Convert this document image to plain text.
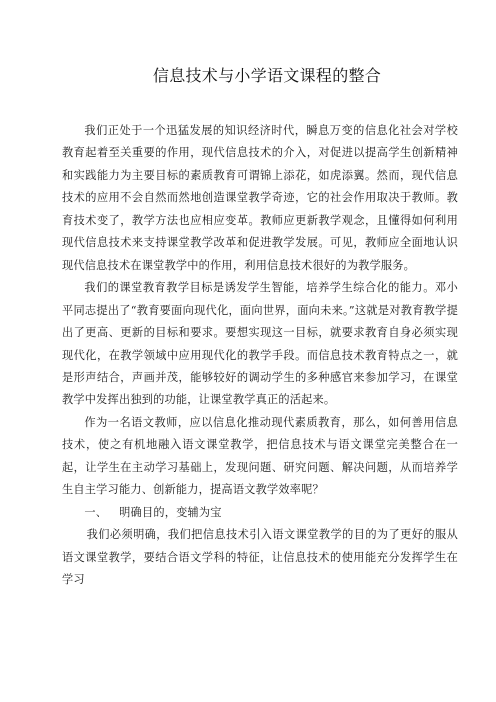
信息技术与小学语文课程的整合

我们正处于一个迅猛发展的知识经济时代，瞬息万变的信息化社会对学校教育起着至关重要的作用，现代信息技术的介入，对促进以提高学生创新精神和实践能力为主要目标的素质教育可谓锦上添花，如虎添翼。然而，现代信息技术的应用不会自然而然地创造课堂教学奇迹，它的社会作用取决于教师。教育技术变了，教学方法也应相应变革。教师应更新教学观念，且懂得如何利用现代信息技术来支持课堂教学改革和促进教学发展。可见，教师应全面地认识现代信息技术在课堂教学中的作用，利用信息技术很好的为教学服务。

我们的课堂教育教学目标是诱发学生智能，培养学生综合化的能力。邓小平同志提出了“教育要面向现代化，面向世界，面向未来。”这就是对教育教学提出了更高、更新的目标和要求。要想实现这一目标，就要求教育自身必须实现现代化，在教学领域中应用现代化的教学手段。而信息技术教育特点之一，就是形声结合，声画并茂，能够较好的调动学生的多种感官来参加学习，在课堂教学中发挥出独到的功能，让课堂教学真正的活起来。

作为一名语文教师，应以信息化推动现代素质教育，那么，如何善用信息技术，使之有机地融入语文课堂教学，把信息技术与语文课堂完美整合在一起，让学生在主动学习基础上，发现问题、研究问题、解决问题，从而培养学生自主学习能力、创新能力，提高语文教学效率呢？

一、 明确目的，变辅为宝

我们必须明确，我们把信息技术引入语文课堂教学的目的为了更好的服从语文课堂教学，要结合语文学科的特征，让信息技术的使用能充分发挥学生在学习
